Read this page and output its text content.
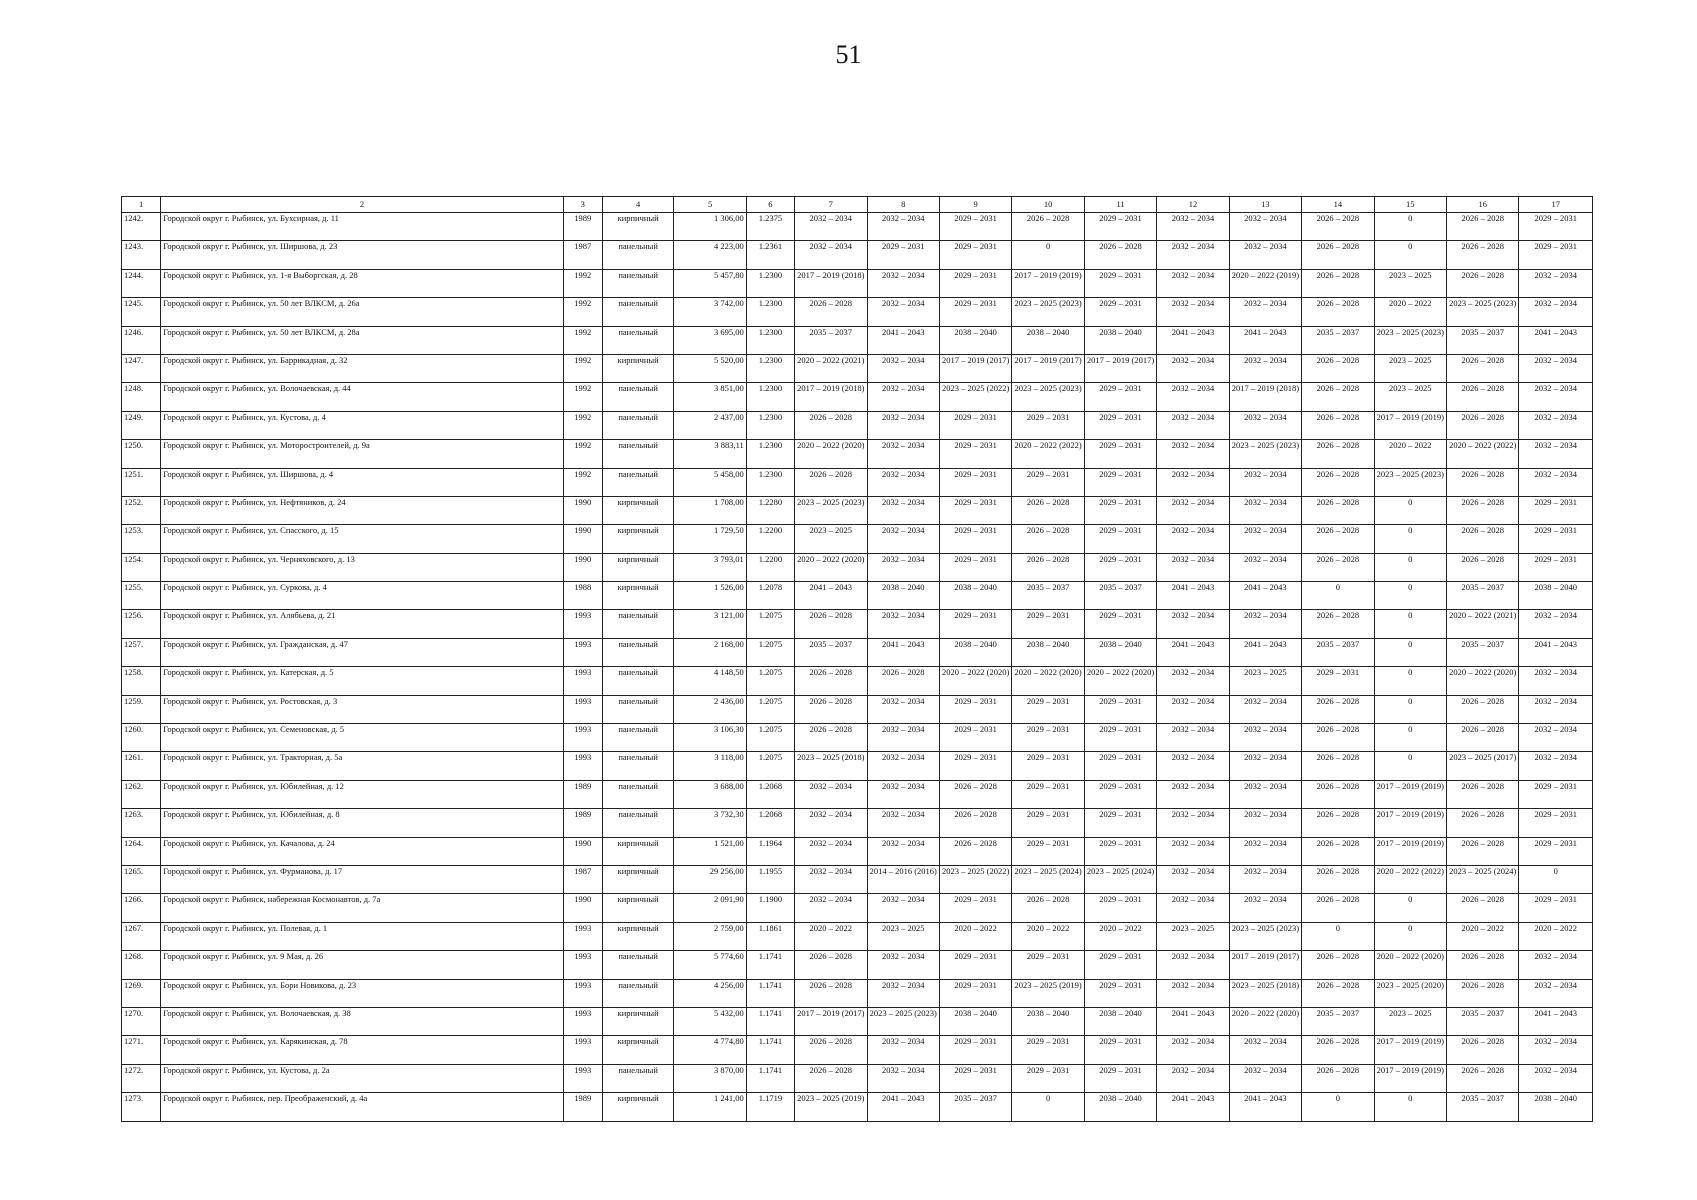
51
1	2	3	4	5	6	7	8	9	10	11	12	13	14	15	16	17
1242.	Городской округ г. Рыбинск, ул. Бухсирная, д. 11	1989	кирпичный	1 306,00	1.2375	2032 – 2034	2032 – 2034	2029 – 2031	2026 – 2028	2029 – 2031	2032 – 2034	2032 – 2034	2026 – 2028	0	2026 – 2028	2029 – 2031
1243.	Городской округ г. Рыбинск, ул. Ширшова, д. 23	1987	панельный	4 223,00	1.2361	2032 – 2034	2029 – 2031	2029 – 2031	0	2026 – 2028	2032 – 2034	2032 – 2034	2026 – 2028	0	2026 – 2028	2029 – 2031
1244.	Городской округ г. Рыбинск, ул. 1-я Выборгская, д. 28	1992	панельный	5 457,80	1.2300	2017 – 2019 (2018)	2032 – 2034	2029 – 2031	2017 – 2019 (2019)	2029 – 2031	2032 – 2034	2020 – 2022 (2019)	2026 – 2028	2023 – 2025	2026 – 2028	2032 – 2034
1245.	Городской округ г. Рыбинск, ул. 50 лет ВЛКСМ, д. 26а	1992	панельный	3 742,00	1.2300	2026 – 2028	2032 – 2034	2029 – 2031	2023 – 2025 (2023)	2029 – 2031	2032 – 2034	2032 – 2034	2026 – 2028	2020 – 2022	2023 – 2025 (2023)	2032 – 2034
1246.	Городской округ г. Рыбинск, ул. 50 лет ВЛКСМ, д. 28а	1992	панельный	3 695,00	1.2300	2035 – 2037	2041 – 2043	2038 – 2040	2038 – 2040	2038 – 2040	2041 – 2043	2041 – 2043	2035 – 2037	2023 – 2025 (2023)	2035 – 2037	2041 – 2043
1247.	Городской округ г. Рыбинск, ул. Баррикадная, д. 32	1992	кирпичный	5 520,00	1.2300	2020 – 2022 (2021)	2032 – 2034	2017 – 2019 (2017)	2017 – 2019 (2017)	2017 – 2019 (2017)	2032 – 2034	2032 – 2034	2026 – 2028	2023 – 2025	2026 – 2028	2032 – 2034
1248.	Городской округ г. Рыбинск, ул. Волочаевская, д. 44	1992	панельный	3 851,00	1.2300	2017 – 2019 (2018)	2032 – 2034	2023 – 2025 (2022)	2023 – 2025 (2023)	2029 – 2031	2032 – 2034	2017 – 2019 (2018)	2026 – 2028	2023 – 2025	2026 – 2028	2032 – 2034
1249.	Городской округ г. Рыбинск, ул. Кустова, д. 4	1992	панельный	2 437,00	1.2300	2026 – 2028	2032 – 2034	2029 – 2031	2029 – 2031	2029 – 2031	2032 – 2034	2032 – 2034	2026 – 2028	2017 – 2019 (2019)	2026 – 2028	2032 – 2034
1250.	Городской округ г. Рыбинск, ул. Моторостроителей, д. 9а	1992	панельный	3 883,11	1.2300	2020 – 2022 (2020)	2032 – 2034	2029 – 2031	2020 – 2022 (2022)	2029 – 2031	2032 – 2034	2023 – 2025 (2023)	2026 – 2028	2020 – 2022	2020 – 2022 (2022)	2032 – 2034
1251.	Городской округ г. Рыбинск, ул. Ширшова, д. 4	1992	панельный	5 458,00	1.2300	2026 – 2028	2032 – 2034	2029 – 2031	2029 – 2031	2029 – 2031	2032 – 2034	2032 – 2034	2026 – 2028	2023 – 2025 (2023)	2026 – 2028	2032 – 2034
1252.	Городской округ г. Рыбинск, ул. Нефтяников, д. 24	1990	кирпичный	1 708,00	1.2280	2023 – 2025 (2023)	2032 – 2034	2029 – 2031	2026 – 2028	2029 – 2031	2032 – 2034	2032 – 2034	2026 – 2028	0	2026 – 2028	2029 – 2031
1253.	Городской округ г. Рыбинск, ул. Спасского, д. 15	1990	кирпичный	1 729,50	1.2200	2023 – 2025	2032 – 2034	2029 – 2031	2026 – 2028	2029 – 2031	2032 – 2034	2032 – 2034	2026 – 2028	0	2026 – 2028	2029 – 2031
1254.	Городской округ г. Рыбинск, ул. Черняховского, д. 13	1990	кирпичный	3 793,01	1.2200	2020 – 2022 (2020)	2032 – 2034	2029 – 2031	2026 – 2028	2029 – 2031	2032 – 2034	2032 – 2034	2026 – 2028	0	2026 – 2028	2029 – 2031
1255.	Городской округ г. Рыбинск, ул. Суркова, д. 4	1988	кирпичный	1 526,00	1.2078	2041 – 2043	2038 – 2040	2038 – 2040	2035 – 2037	2035 – 2037	2041 – 2043	2041 – 2043	0	0	2035 – 2037	2038 – 2040
1256.	Городской округ г. Рыбинск, ул. Алябьева, д. 21	1993	панельный	3 121,00	1.2075	2026 – 2028	2032 – 2034	2029 – 2031	2029 – 2031	2029 – 2031	2032 – 2034	2032 – 2034	2026 – 2028	0	2020 – 2022 (2021)	2032 – 2034
1257.	Городской округ г. Рыбинск, ул. Гражданская, д. 47	1993	панельный	2 168,00	1.2075	2035 – 2037	2041 – 2043	2038 – 2040	2038 – 2040	2038 – 2040	2041 – 2043	2041 – 2043	2035 – 2037	0	2035 – 2037	2041 – 2043
1258.	Городской округ г. Рыбинск, ул. Катерская, д. 5	1993	панельный	4 148,50	1.2075	2026 – 2028	2026 – 2028	2020 – 2022 (2020)	2020 – 2022 (2020)	2020 – 2022 (2020)	2032 – 2034	2023 – 2025	2029 – 2031	0	2020 – 2022 (2020)	2032 – 2034
1259.	Городской округ г. Рыбинск, ул. Ростовская, д. 3	1993	панельный	2 436,00	1.2075	2026 – 2028	2032 – 2034	2029 – 2031	2029 – 2031	2029 – 2031	2032 – 2034	2032 – 2034	2026 – 2028	0	2026 – 2028	2032 – 2034
1260.	Городской округ г. Рыбинск, ул. Семеновская, д. 5	1993	панельный	3 106,30	1.2075	2026 – 2028	2032 – 2034	2029 – 2031	2029 – 2031	2029 – 2031	2032 – 2034	2032 – 2034	2026 – 2028	0	2026 – 2028	2032 – 2034
1261.	Городской округ г. Рыбинск, ул. Тракторная, д. 5а	1993	панельный	3 118,00	1.2075	2023 – 2025 (2018)	2032 – 2034	2029 – 2031	2029 – 2031	2029 – 2031	2032 – 2034	2032 – 2034	2026 – 2028	0	2023 – 2025 (2017)	2032 – 2034
1262.	Городской округ г. Рыбинск, ул. Юбилейная, д. 12	1989	панельный	3 688,00	1.2068	2032 – 2034	2032 – 2034	2026 – 2028	2029 – 2031	2029 – 2031	2032 – 2034	2032 – 2034	2026 – 2028	2017 – 2019 (2019)	2026 – 2028	2029 – 2031
1263.	Городской округ г. Рыбинск, ул. Юбилейная, д. 8	1989	панельный	3 732,30	1.2068	2032 – 2034	2032 – 2034	2026 – 2028	2029 – 2031	2029 – 2031	2032 – 2034	2032 – 2034	2026 – 2028	2017 – 2019 (2019)	2026 – 2028	2029 – 2031
1264.	Городской округ г. Рыбинск, ул. Качалова, д. 24	1990	кирпичный	1 521,00	1.1964	2032 – 2034	2032 – 2034	2026 – 2028	2029 – 2031	2029 – 2031	2032 – 2034	2032 – 2034	2026 – 2028	2017 – 2019 (2019)	2026 – 2028	2029 – 2031
1265.	Городской округ г. Рыбинск, ул. Фурманова, д. 17	1987	кирпичный	29 256,00	1.1955	2032 – 2034	2014 – 2016 (2016)	2023 – 2025 (2022)	2023 – 2025 (2024)	2023 – 2025 (2024)	2032 – 2034	2032 – 2034	2026 – 2028	2020 – 2022 (2022)	2023 – 2025 (2024)	0
1266.	Городской округ г. Рыбинск, набережная Космонавтов, д. 7а	1990	кирпичный	2 091,90	1.1900	2032 – 2034	2032 – 2034	2029 – 2031	2026 – 2028	2029 – 2031	2032 – 2034	2032 – 2034	2026 – 2028	0	2026 – 2028	2029 – 2031
1267.	Городской округ г. Рыбинск, ул. Полевая, д. 1	1993	кирпичный	2 759,00	1.1861	2020 – 2022	2023 – 2025	2020 – 2022	2020 – 2022	2020 – 2022	2023 – 2025	2023 – 2025 (2023)	0	0	2020 – 2022	2020 – 2022
1268.	Городской округ г. Рыбинск, ул. 9 Мая, д. 26	1993	панельный	5 774,60	1.1741	2026 – 2028	2032 – 2034	2029 – 2031	2029 – 2031	2029 – 2031	2032 – 2034	2017 – 2019 (2017)	2026 – 2028	2020 – 2022 (2020)	2026 – 2028	2032 – 2034
1269.	Городской округ г. Рыбинск, ул. Бори Новикова, д. 23	1993	панельный	4 256,00	1.1741	2026 – 2028	2032 – 2034	2029 – 2031	2023 – 2025 (2019)	2029 – 2031	2032 – 2034	2023 – 2025 (2018)	2026 – 2028	2023 – 2025 (2020)	2026 – 2028	2032 – 2034
1270.	Городской округ г. Рыбинск, ул. Волочаевская, д. 38	1993	кирпичный	5 432,00	1.1741	2017 – 2019 (2017)	2023 – 2025 (2023)	2038 – 2040	2038 – 2040	2038 – 2040	2041 – 2043	2020 – 2022 (2020)	2035 – 2037	2023 – 2025	2035 – 2037	2041 – 2043
1271.	Городской округ г. Рыбинск, ул. Карякинская, д. 78	1993	кирпичный	4 774,80	1.1741	2026 – 2028	2032 – 2034	2029 – 2031	2029 – 2031	2029 – 2031	2032 – 2034	2032 – 2034	2026 – 2028	2017 – 2019 (2019)	2026 – 2028	2032 – 2034
1272.	Городской округ г. Рыбинск, ул. Кустова, д. 2а	1993	панельный	3 870,00	1.1741	2026 – 2028	2032 – 2034	2029 – 2031	2029 – 2031	2029 – 2031	2032 – 2034	2032 – 2034	2026 – 2028	2017 – 2019 (2019)	2026 – 2028	2032 – 2034
1273.	Городской округ г. Рыбинск, пер. Преображенский, д. 4а	1989	кирпичный	1 241,00	1.1719	2023 – 2025 (2019)	2041 – 2043	2035 – 2037	0	2038 – 2040	2041 – 2043	2041 – 2043	0	0	2035 – 2037	2038 – 2040
